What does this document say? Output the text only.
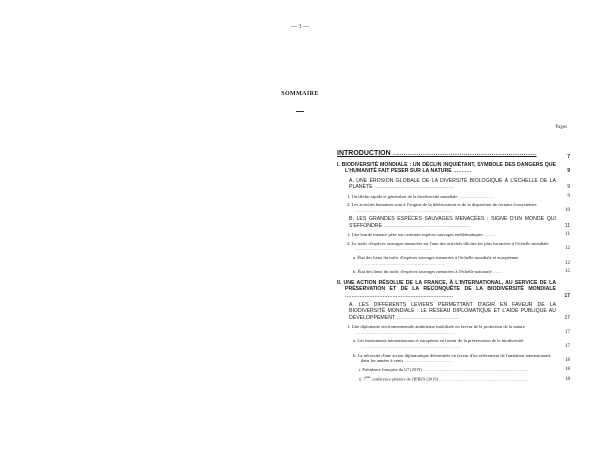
— 3 —
SOMMAIRE
Pages
INTRODUCTION ...................................................................	7
I. BIODIVERSITÉ MONDIALE : UN DÉCLIN INQUIÉTANT, SYMBOLE DES DANGERS QUE L'HUMANITÉ FAIT PESER SUR LA NATURE ...........	9
A. UNE ÉROSION GLOBALE DE LA DIVERSITÉ BIOLOGIQUE À L'ÉCHELLE DE LA PLANÈTE .................................................	9
1. Un déclin rapide et généralisé de la biodiversité mondiale ..........................	9
2. Les activités humaines sont à l'origine de la détérioration et de la disparition de certains écosystèmes ........................................................................	10
B. LES GRANDES ESPÈCES SAUVAGES MENACÉES : SIGNE D'UN MONDE QUI S'EFFONDRE .....................................................	11
1. Une lourde menace pèse sur certaines espèces sauvages emblématiques ..........	11
2. Le trafic d'espèces sauvages menacées est l'une des activités illicites les plus lucratives à l'échelle mondiale .........................................................	12
a. État des lieux du trafic d'espèces sauvages menacées à l'échelle mondiale et européenne ..............................................................	12
b. État des lieux du trafic d'espèces sauvages menacées à l'échelle nationale .......	15
II. UNE ACTION RÉSOLUE DE LA FRANCE, À L'INTERNATIONAL, AU SERVICE DE LA PRÉSERVATION ET DE LA RECONQUÊTE DE LA BIODIVERSITÉ MONDIALE ..................................................................	17
A. LES DIFFÉRENTS LEVIERS PERMETTANT D'AGIR EN FAVEUR DE LA BIODIVERSITÉ MONDIALE : LE RÉSEAU DIPLOMATIQUE ET L'AIDE PUBLIQUE AU DÉVELOPPEMENT ......................................	17
1. Une diplomatie environnementale ambitieuse mobilisée en faveur de la protection de la nature ..........................................................................	17
a. Les instruments internationaux et européens en faveur de la préservation de la biodiversité ...........................................................................	17
b. La nécessité d'une action diplomatique déterminée en faveur d'un relèvement de l'ambition internationale dans les années à venir ...................................	18
i. Présidence française du G7 (2019) ...................................................................................	18
ii. 7ème conférence plénière de l'IPBES (2019) ......................................................................	18
